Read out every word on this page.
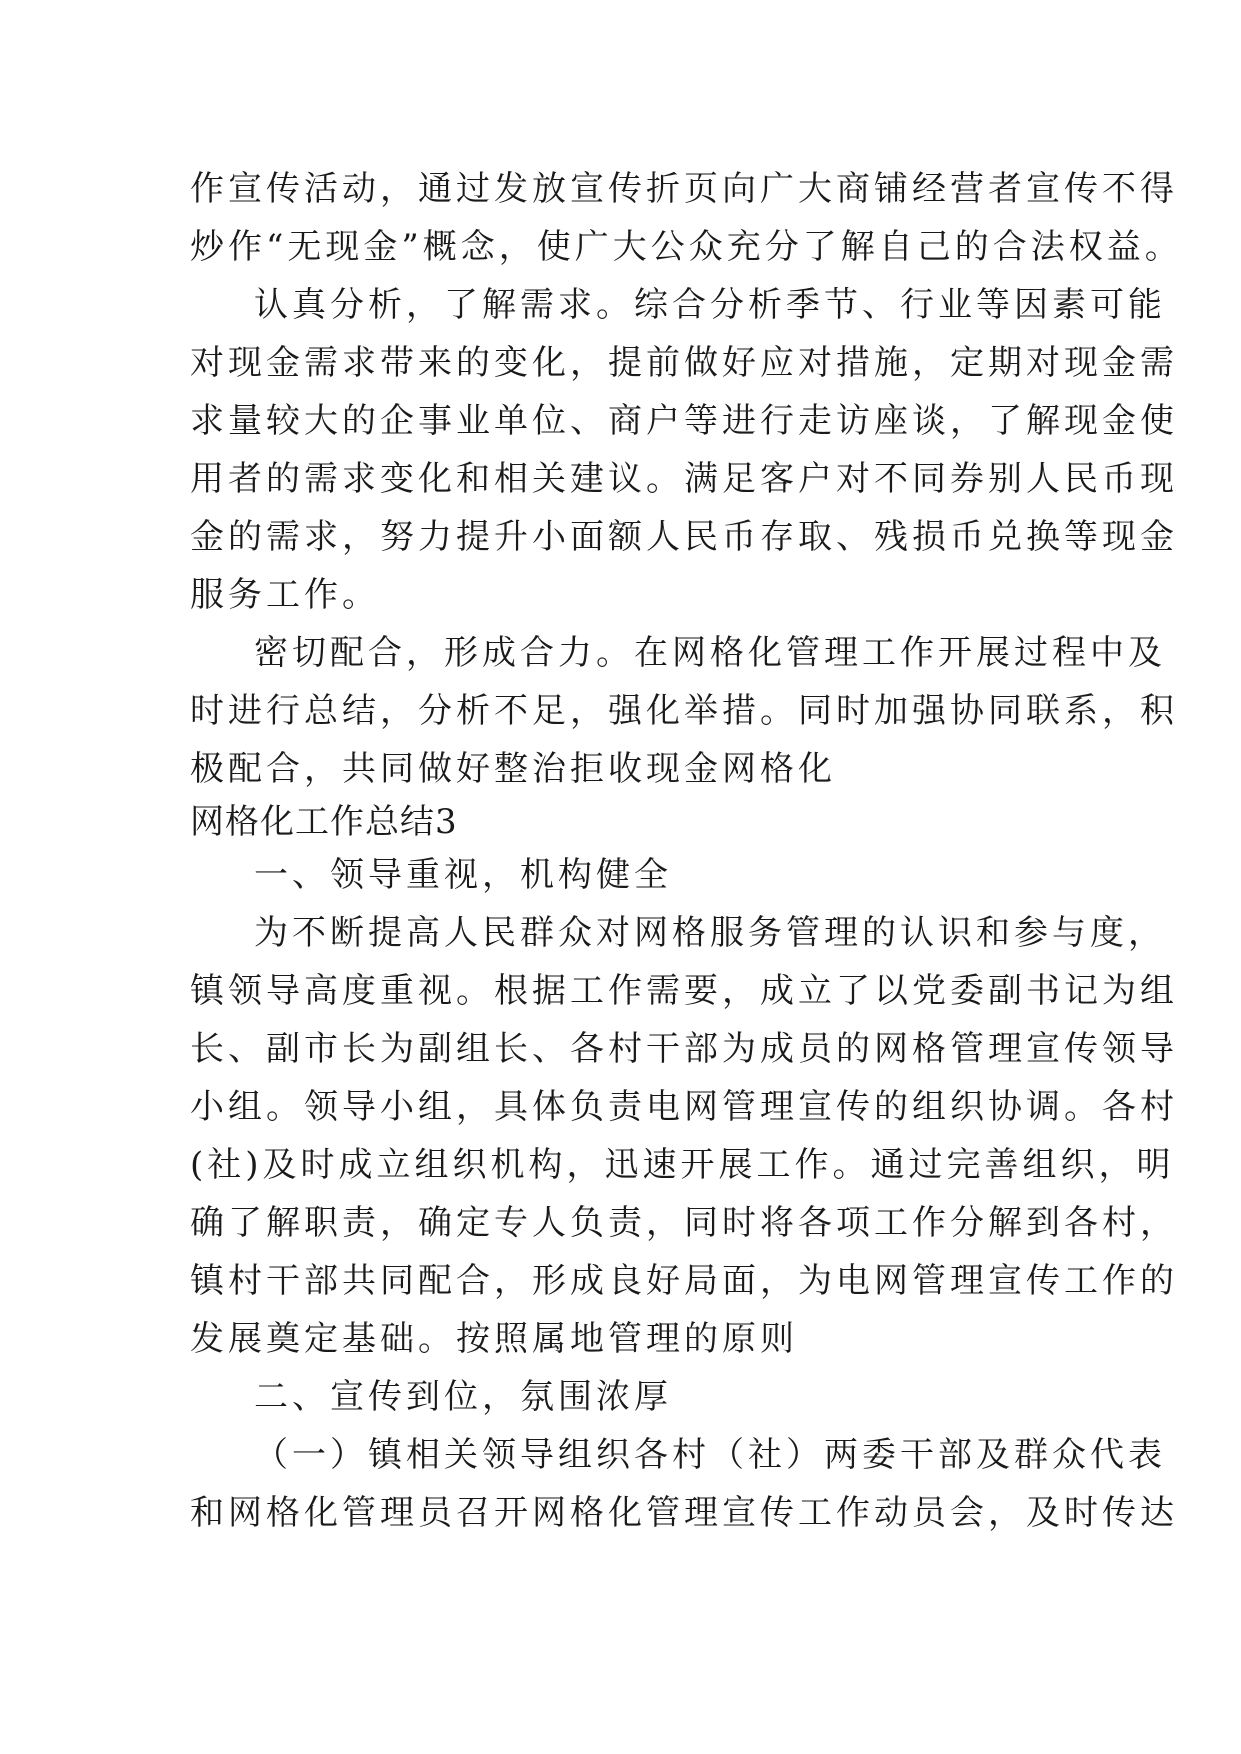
作宣传活动，通过发放宣传折页向广大商铺经营者宣传不得
炒作“无现金”概念，使广大公众充分了解自己的合法权益。
认真分析，了解需求。综合分析季节、行业等因素可能
对现金需求带来的变化，提前做好应对措施，定期对现金需
求量较大的企事业单位、商户等进行走访座谈，了解现金使
用者的需求变化和相关建议。满足客户对不同券别人民币现
金的需求，努力提升小面额人民币存取、残损币兑换等现金
服务工作。
密切配合，形成合力。在网格化管理工作开展过程中及
时进行总结，分析不足，强化举措。同时加强协同联系，积
极配合，共同做好整治拒收现金网格化
网格化工作总结3
一、领导重视，机构健全
为不断提高人民群众对网格服务管理的认识和参与度，
镇领导高度重视。根据工作需要，成立了以党委副书记为组
长、副市长为副组长、各村干部为成员的网格管理宣传领导
小组。领导小组，具体负责电网管理宣传的组织协调。各村
(社)及时成立组织机构，迅速开展工作。通过完善组织，明
确了解职责，确定专人负责，同时将各项工作分解到各村，
镇村干部共同配合，形成良好局面，为电网管理宣传工作的
发展奠定基础。按照属地管理的原则
二、宣传到位，氛围浓厚
（一）镇相关领导组织各村（社）两委干部及群众代表
和网格化管理员召开网格化管理宣传工作动员会，及时传达
